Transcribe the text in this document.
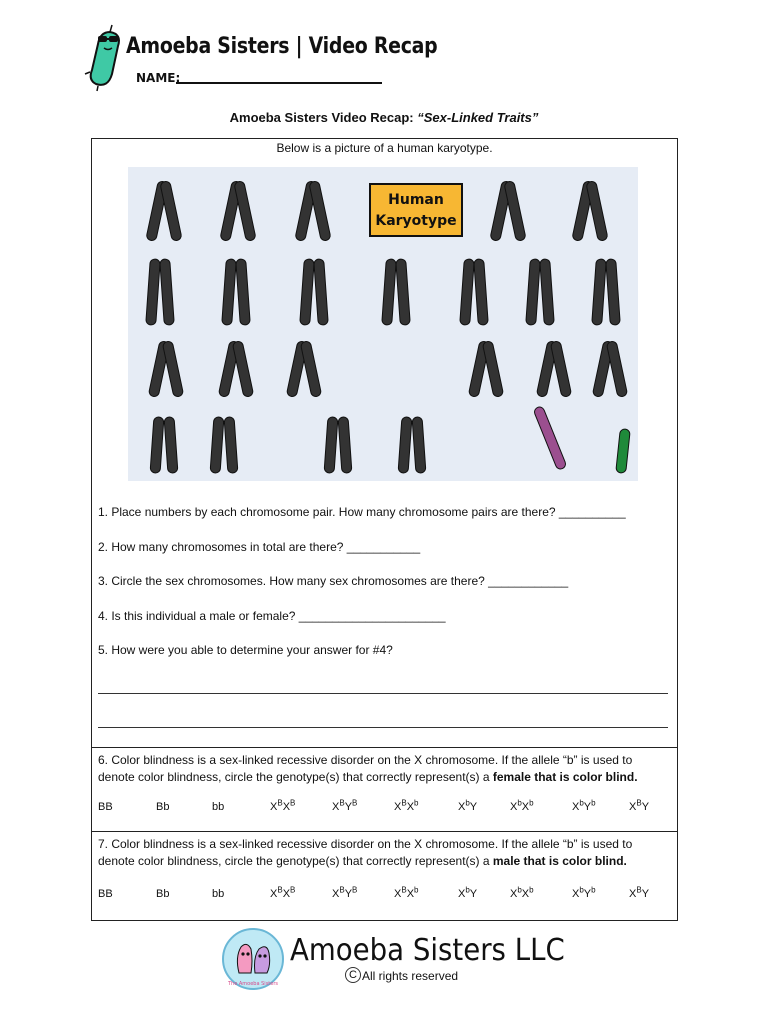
Amoeba Sisters | Video Recap
NAME:
Amoeba Sisters Video Recap: “Sex-Linked Traits”
Below is a picture of a human karyotype.
Human
Karyotype
1. Place numbers by each chromosome pair. How many chromosome pairs are there? __________
2. How many chromosomes in total are there? ___________
3. Circle the sex chromosomes. How many sex chromosomes are there? ____________
4. Is this individual a male or female? ______________________
5. How were you able to determine your answer for #4?
6. Color blindness is a sex-linked recessive disorder on the X chromosome. If the allele “b” is used to denote color blindness, circle the genotype(s) that correctly represent(s) a female that is color blind.
BB	Bb	bb	$X^BX^B$	$X^BY^B$	$X^BX^b$	$X^bY$	$X^bX^b$	$X^bY^b$	$X^BY$
7. Color blindness is a sex-linked recessive disorder on the X chromosome. If the allele “b” is used to denote color blindness, circle the genotype(s) that correctly represent(s) a male that is color blind.
BB	Bb	bb	$X^BX^B$	$X^BY^B$	$X^BX^b$	$X^bY$	$X^bX^b$	$X^bY^b$	$X^BY$
The Amoeba Sisters
Amoeba Sisters LLC
C All rights reserved
